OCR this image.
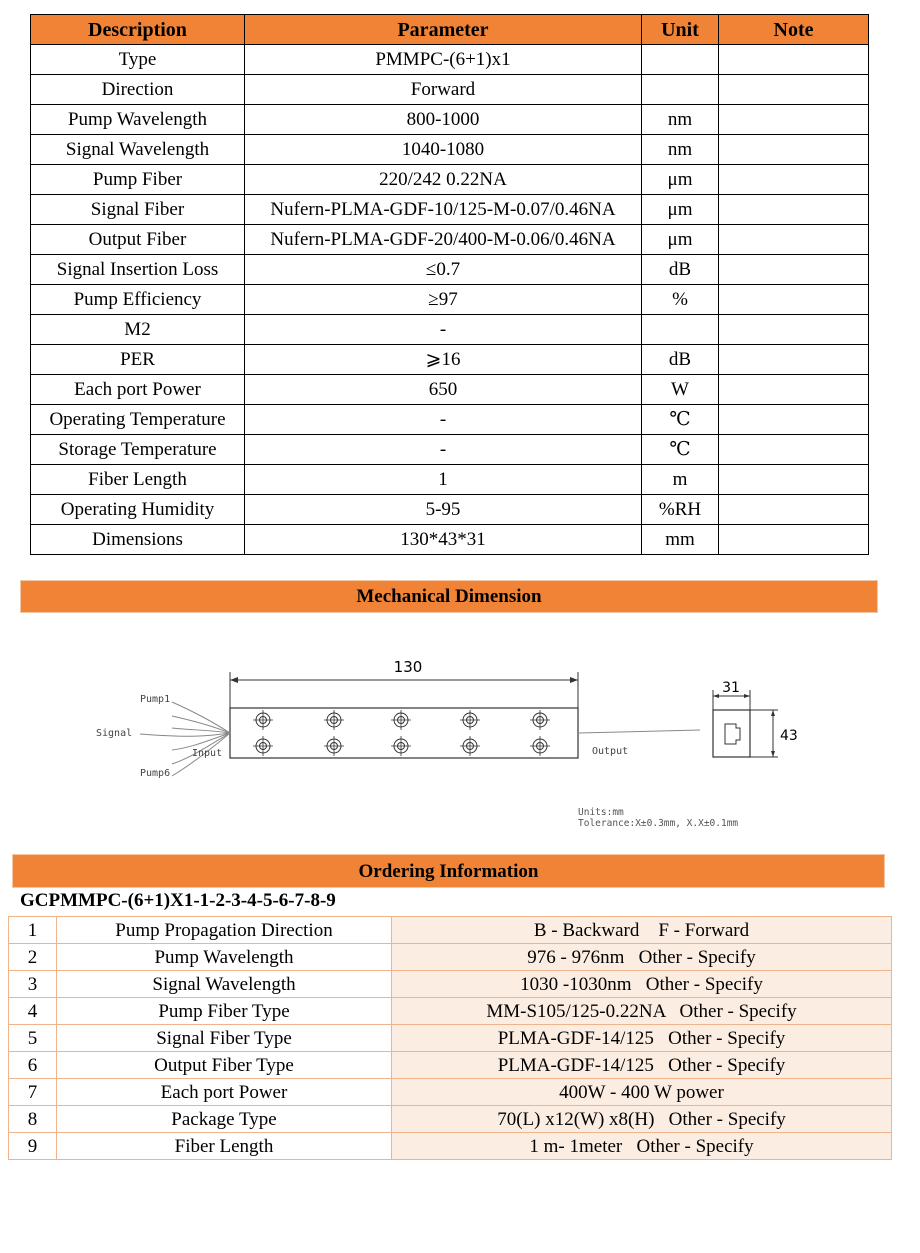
Description	Parameter	Unit	Note
Type	PMMPC-(6+1)x1		
Direction	Forward		
Pump Wavelength	800-1000	nm	
Signal Wavelength	1040-1080	nm	
Pump Fiber	220/242 0.22NA	μm	
Signal Fiber	Nufern-PLMA-GDF-10/125-M-0.07/0.46NA	μm	
Output Fiber	Nufern-PLMA-GDF-20/400-M-0.06/0.46NA	μm	
Signal Insertion Loss	≤0.7	dB	
Pump Efficiency	≥97	%	
M2	-		
PER	⩾16	dB	
Each port Power	650	W	
Operating Temperature	-	℃	
Storage Temperature	-	℃	
Fiber Length	1	m	
Operating Humidity	5-95	%RH	
Dimensions	130*43*31	mm	
Mechanical Dimension
130
Pump1
Signal
Input
Pump6
Output
31
43
Units:mm
Tolerance:X±0.3mm, X.X±0.1mm
Ordering Information
GCPMMPC-(6+1)X1-1-2-3-4-5-6-7-8-9
1	Pump Propagation Direction	B - Backward    F - Forward
2	Pump Wavelength	976 - 976nm   Other - Specify
3	Signal Wavelength	1030 -1030nm   Other - Specify
4	Pump Fiber Type	MM-S105/125-0.22NA   Other - Specify
5	Signal Fiber Type	PLMA-GDF-14/125   Other - Specify
6	Output Fiber Type	PLMA-GDF-14/125   Other - Specify
7	Each port Power	400W - 400 W power
8	Package Type	70(L) x12(W) x8(H)   Other - Specify
9	Fiber Length	1 m- 1meter   Other - Specify
